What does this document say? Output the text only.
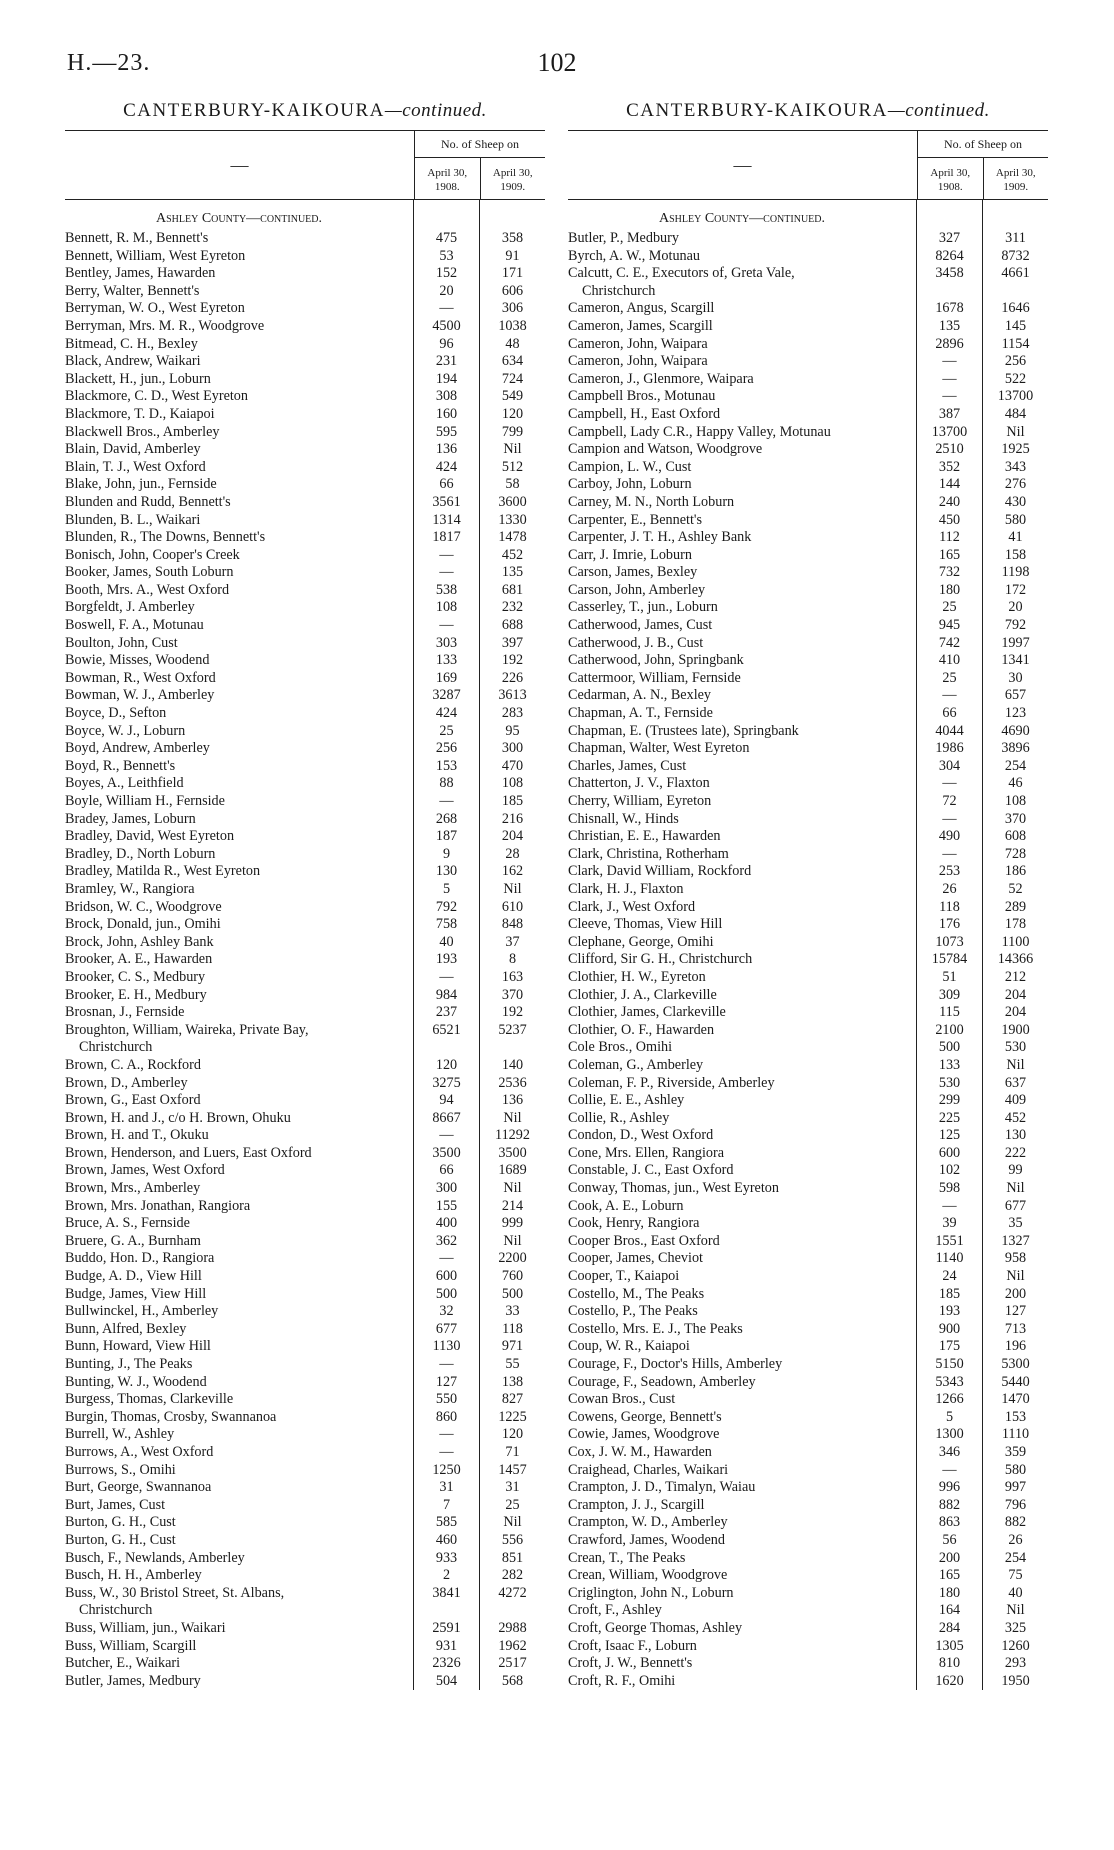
H.—23.	102
CANTERBURY-KAIKOURA—continued.
—
No. of Sheep on
April 30, 1908.
April 30, 1909.
Ashley County—continued.
Bennett, R. M., Bennett's	475	358
Bennett, William, West Eyreton	53	91
Bentley, James, Hawarden	152	171
Berry, Walter, Bennett's	20	606
Berryman, W. O., West Eyreton	—	306
Berryman, Mrs. M. R., Woodgrove	4500	1038
Bitmead, C. H., Bexley	96	48
Black, Andrew, Waikari	231	634
Blackett, H., jun., Loburn	194	724
Blackmore, C. D., West Eyreton	308	549
Blackmore, T. D., Kaiapoi	160	120
Blackwell Bros., Amberley	595	799
Blain, David, Amberley	136	Nil
Blain, T. J., West Oxford	424	512
Blake, John, jun., Fernside	66	58
Blunden and Rudd, Bennett's	3561	3600
Blunden, B. L., Waikari	1314	1330
Blunden, R., The Downs, Bennett's	1817	1478
Bonisch, John, Cooper's Creek	—	452
Booker, James, South Loburn	—	135
Booth, Mrs. A., West Oxford	538	681
Borgfeldt, J. Amberley	108	232
Boswell, F. A., Motunau	—	688
Boulton, John, Cust	303	397
Bowie, Misses, Woodend	133	192
Bowman, R., West Oxford	169	226
Bowman, W. J., Amberley	3287	3613
Boyce, D., Sefton	424	283
Boyce, W. J., Loburn	25	95
Boyd, Andrew, Amberley	256	300
Boyd, R., Bennett's	153	470
Boyes, A., Leithfield	88	108
Boyle, William H., Fernside	—	185
Bradey, James, Loburn	268	216
Bradley, David, West Eyreton	187	204
Bradley, D., North Loburn	9	28
Bradley, Matilda R., West Eyreton	130	162
Bramley, W., Rangiora	5	Nil
Bridson, W. C., Woodgrove	792	610
Brock, Donald, jun., Omihi	758	848
Brock, John, Ashley Bank	40	37
Brooker, A. E., Hawarden	193	8
Brooker, C. S., Medbury	—	163
Brooker, E. H., Medbury	984	370
Brosnan, J., Fernside	237	192
Broughton, William, Waireka, Private Bay,	6521	5237
Christchurch
Brown, C. A., Rockford	120	140
Brown, D., Amberley	3275	2536
Brown, G., East Oxford	94	136
Brown, H. and J., c/o H. Brown, Ohuku	8667	Nil
Brown, H. and T., Okuku	—	11292
Brown, Henderson, and Luers, East Oxford	3500	3500
Brown, James, West Oxford	66	1689
Brown, Mrs., Amberley	300	Nil
Brown, Mrs. Jonathan, Rangiora	155	214
Bruce, A. S., Fernside	400	999
Bruere, G. A., Burnham	362	Nil
Buddo, Hon. D., Rangiora	—	2200
Budge, A. D., View Hill	600	760
Budge, James, View Hill	500	500
Bullwinckel, H., Amberley	32	33
Bunn, Alfred, Bexley	677	118
Bunn, Howard, View Hill	1130	971
Bunting, J., The Peaks	—	55
Bunting, W. J., Woodend	127	138
Burgess, Thomas, Clarkeville	550	827
Burgin, Thomas, Crosby, Swannanoa	860	1225
Burrell, W., Ashley	—	120
Burrows, A., West Oxford	—	71
Burrows, S., Omihi	1250	1457
Burt, George, Swannanoa	31	31
Burt, James, Cust	7	25
Burton, G. H., Cust	585	Nil
Burton, G. H., Cust	460	556
Busch, F., Newlands, Amberley	933	851
Busch, H. H., Amberley	2	282
Buss, W., 30 Bristol Street, St. Albans,	3841	4272
Christchurch
Buss, William, jun., Waikari	2591	2988
Buss, William, Scargill	931	1962
Butcher, E., Waikari	2326	2517
Butler, James, Medbury	504	568
CANTERBURY-KAIKOURA—continued.
—
No. of Sheep on
April 30, 1908.
April 30, 1909.
Ashley County—continued.
Butler, P., Medbury	327	311
Byrch, A. W., Motunau	8264	8732
Calcutt, C. E., Executors of, Greta Vale,	3458	4661
Christchurch
Cameron, Angus, Scargill	1678	1646
Cameron, James, Scargill	135	145
Cameron, John, Waipara	2896	1154
Cameron, John, Waipara	—	256
Cameron, J., Glenmore, Waipara	—	522
Campbell Bros., Motunau	—	13700
Campbell, H., East Oxford	387	484
Campbell, Lady C.R., Happy Valley, Motunau	13700	Nil
Campion and Watson, Woodgrove	2510	1925
Campion, L. W., Cust	352	343
Carboy, John, Loburn	144	276
Carney, M. N., North Loburn	240	430
Carpenter, E., Bennett's	450	580
Carpenter, J. T. H., Ashley Bank	112	41
Carr, J. Imrie, Loburn	165	158
Carson, James, Bexley	732	1198
Carson, John, Amberley	180	172
Casserley, T., jun., Loburn	25	20
Catherwood, James, Cust	945	792
Catherwood, J. B., Cust	742	1997
Catherwood, John, Springbank	410	1341
Cattermoor, William, Fernside	25	30
Cedarman, A. N., Bexley	—	657
Chapman, A. T., Fernside	66	123
Chapman, E. (Trustees late), Springbank	4044	4690
Chapman, Walter, West Eyreton	1986	3896
Charles, James, Cust	304	254
Chatterton, J. V., Flaxton	—	46
Cherry, William, Eyreton	72	108
Chisnall, W., Hinds	—	370
Christian, E. E., Hawarden	490	608
Clark, Christina, Rotherham	—	728
Clark, David William, Rockford	253	186
Clark, H. J., Flaxton	26	52
Clark, J., West Oxford	118	289
Cleeve, Thomas, View Hill	176	178
Clephane, George, Omihi	1073	1100
Clifford, Sir G. H., Christchurch	15784	14366
Clothier, H. W., Eyreton	51	212
Clothier, J. A., Clarkeville	309	204
Clothier, James, Clarkeville	115	204
Clothier, O. F., Hawarden	2100	1900
Cole Bros., Omihi	500	530
Coleman, G., Amberley	133	Nil
Coleman, F. P., Riverside, Amberley	530	637
Collie, E. E., Ashley	299	409
Collie, R., Ashley	225	452
Condon, D., West Oxford	125	130
Cone, Mrs. Ellen, Rangiora	600	222
Constable, J. C., East Oxford	102	99
Conway, Thomas, jun., West Eyreton	598	Nil
Cook, A. E., Loburn	—	677
Cook, Henry, Rangiora	39	35
Cooper Bros., East Oxford	1551	1327
Cooper, James, Cheviot	1140	958
Cooper, T., Kaiapoi	24	Nil
Costello, M., The Peaks	185	200
Costello, P., The Peaks	193	127
Costello, Mrs. E. J., The Peaks	900	713
Coup, W. R., Kaiapoi	175	196
Courage, F., Doctor's Hills, Amberley	5150	5300
Courage, F., Seadown, Amberley	5343	5440
Cowan Bros., Cust	1266	1470
Cowens, George, Bennett's	5	153
Cowie, James, Woodgrove	1300	1110
Cox, J. W. M., Hawarden	346	359
Craighead, Charles, Waikari	—	580
Crampton, J. D., Timalyn, Waiau	996	997
Crampton, J. J., Scargill	882	796
Crampton, W. D., Amberley	863	882
Crawford, James, Woodend	56	26
Crean, T., The Peaks	200	254
Crean, William, Woodgrove	165	75
Criglington, John N., Loburn	180	40
Croft, F., Ashley	164	Nil
Croft, George Thomas, Ashley	284	325
Croft, Isaac F., Loburn	1305	1260
Croft, J. W., Bennett's	810	293
Croft, R. F., Omihi	1620	1950
